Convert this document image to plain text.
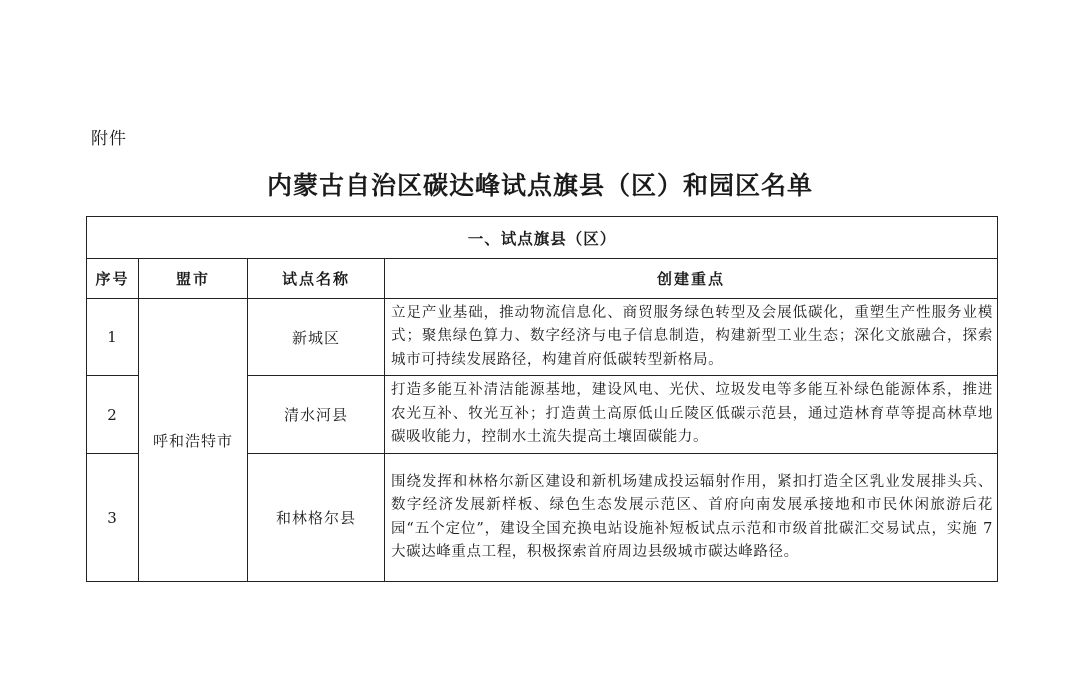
附件
内蒙古自治区碳达峰试点旗县（区）和园区名单
一、试点旗县（区）			
序号	盟市	试点名称	创建重点
1	呼和浩特市	新城区	立足产业基础，推动物流信息化、商贸服务绿色转型及会展低碳化，重塑生产性服务业模式；聚焦绿色算力、数字经济与电子信息制造，构建新型工业生态；深化文旅融合，探索城市可持续发展路径，构建首府低碳转型新格局。
2		清水河县	打造多能互补清洁能源基地，建设风电、光伏、垃圾发电等多能互补绿色能源体系，推进农光互补、牧光互补；打造黄土高原低山丘陵区低碳示范县，通过造林育草等提高林草地碳吸收能力，控制水土流失提高土壤固碳能力。
3		和林格尔县	围绕发挥和林格尔新区建设和新机场建成投运辐射作用，紧扣打造全区乳业发展排头兵、数字经济发展新样板、绿色生态发展示范区、首府向南发展承接地和市民休闲旅游后花园“五个定位”，建设全国充换电站设施补短板试点示范和市级首批碳汇交易试点，实施 7 大碳达峰重点工程，积极探索首府周边县级城市碳达峰路径。
